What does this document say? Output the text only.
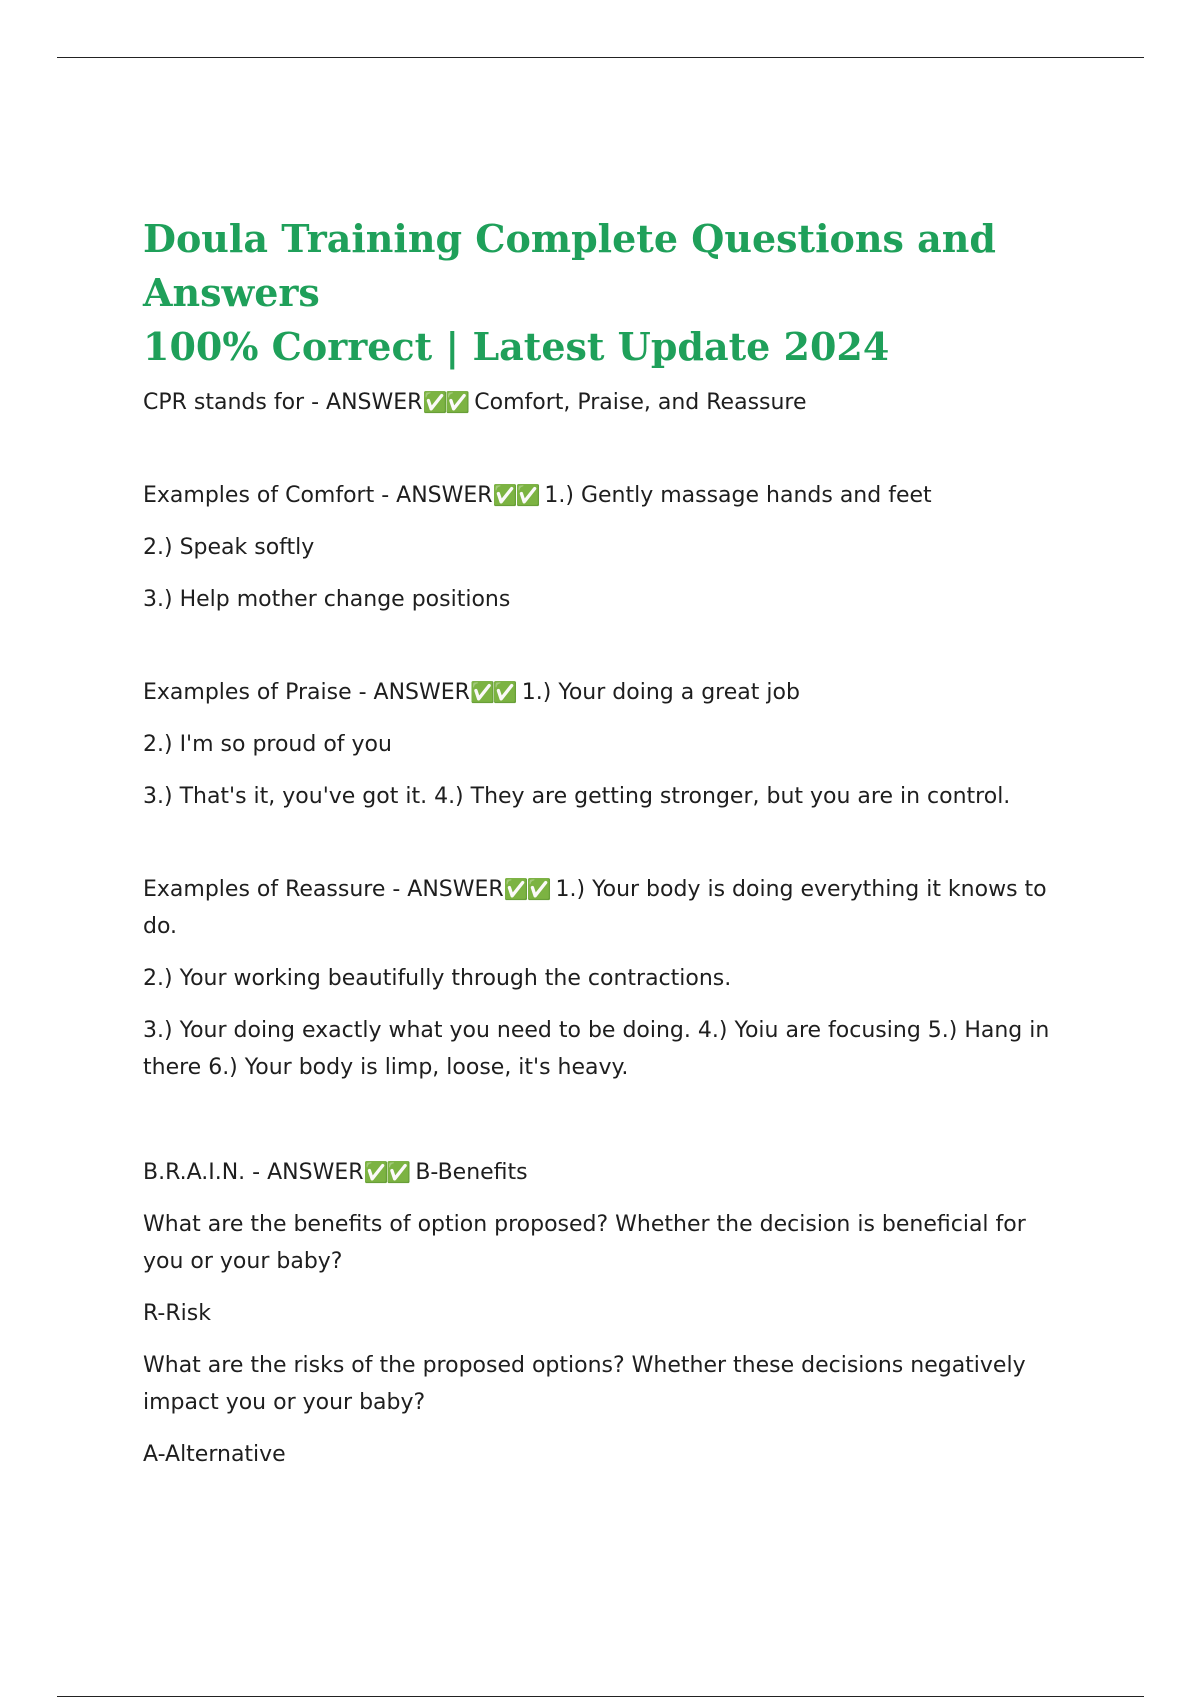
Doula Training Complete Questions and Answers
100% Correct | Latest Update 2024

CPR stands for - ANSWER✅✅ Comfort, Praise, and Reassure

Examples of Comfort - ANSWER✅✅ 1.) Gently massage hands and feet

2.) Speak softly

3.) Help mother change positions

Examples of Praise - ANSWER✅✅ 1.) Your doing a great job

2.) I'm so proud of you

3.) That's it, you've got it. 4.) They are getting stronger, but you are in control.

Examples of Reassure - ANSWER✅✅ 1.) Your body is doing everything it knows to do.

2.) Your working beautifully through the contractions.

3.) Your doing exactly what you need to be doing. 4.) Yoiu are focusing 5.) Hang in there 6.) Your body is limp, loose, it's heavy.

B.R.A.I.N. - ANSWER✅✅ B-Benefits

What are the benefits of option proposed? Whether the decision is beneficial for you or your baby?

R-Risk

What are the risks of the proposed options? Whether these decisions negatively impact you or your baby?

A-Alternative
